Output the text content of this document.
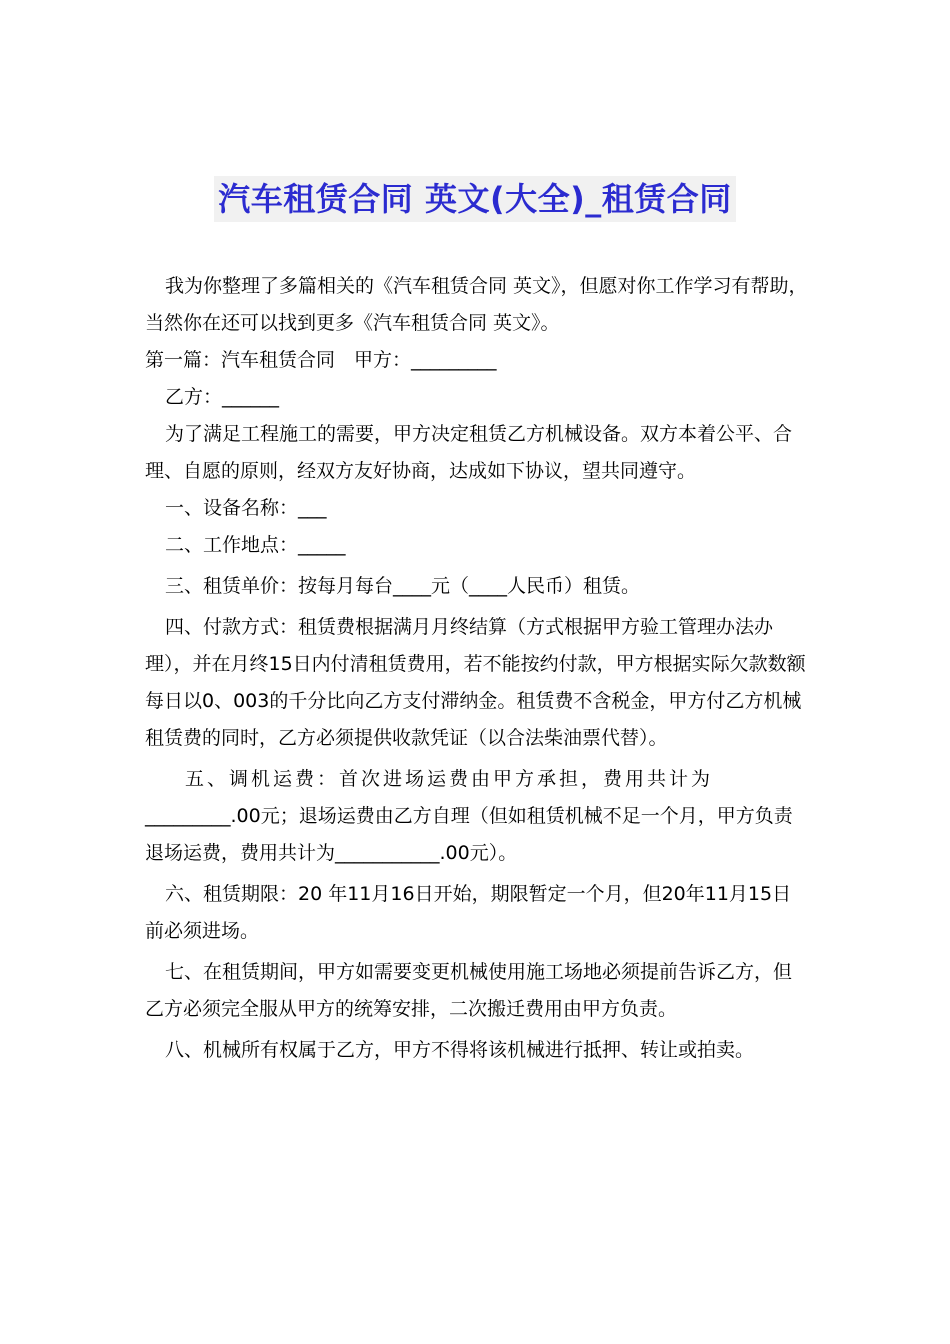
汽车租赁合同 英文(大全)_租赁合同

我为你整理了多篇相关的《汽车租赁合同 英文》，但愿对你工作学习有帮助，当然你在还可以找到更多《汽车租赁合同 英文》。

第一篇：汽车租赁合同　甲方：_________

乙方：______

为了满足工程施工的需要，甲方决定租赁乙方机械设备。双方本着公平、合理、自愿的原则，经双方友好协商，达成如下协议，望共同遵守。

一、设备名称：___

二、工作地点：_____

三、租赁单价：按每月每台____元（____人民币）租赁。

四、付款方式：租赁费根据满月月终结算（方式根据甲方验工管理办法办理），并在月终15日内付清租赁费用，若不能按约付款，甲方根据实际欠款数额每日以0、003的千分比向乙方支付滞纳金。租赁费不含税金，甲方付乙方机械租赁费的同时，乙方必须提供收款凭证（以合法柴油票代替）。

五、调机运费：首次进场运费由甲方承担，费用共计为

_________.00元；退场运费由乙方自理（但如租赁机械不足一个月，甲方负责退场运费，费用共计为___________.00元）。

六、租赁期限：20 年11月16日开始，期限暂定一个月，但20年11月15日前必须进场。

七、在租赁期间，甲方如需要变更机械使用施工场地必须提前告诉乙方，但乙方必须完全服从甲方的统筹安排，二次搬迁费用由甲方负责。

八、机械所有权属于乙方，甲方不得将该机械进行抵押、转让或拍卖。
